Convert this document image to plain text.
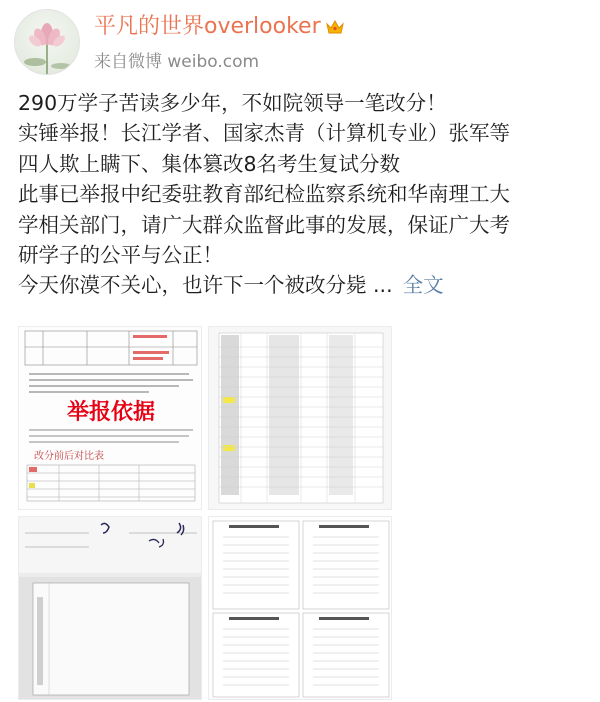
平凡的世界overlooker
来自微博 weibo.com

290万学子苦读多少年，不如院领导一笔改分！

实锤举报！长江学者、国家杰青（计算机专业）张军等

四人欺上瞒下、集体篡改8名考生复试分数

此事已举报中纪委驻教育部纪检监察系统和华南理工大

学相关部门，请广大群众监督此事的发展，保证广大考

研学子的公平与公正！

今天你漠不关心，也许下一个被改分毙 ... 全文

举报依据
改分前后对比表
